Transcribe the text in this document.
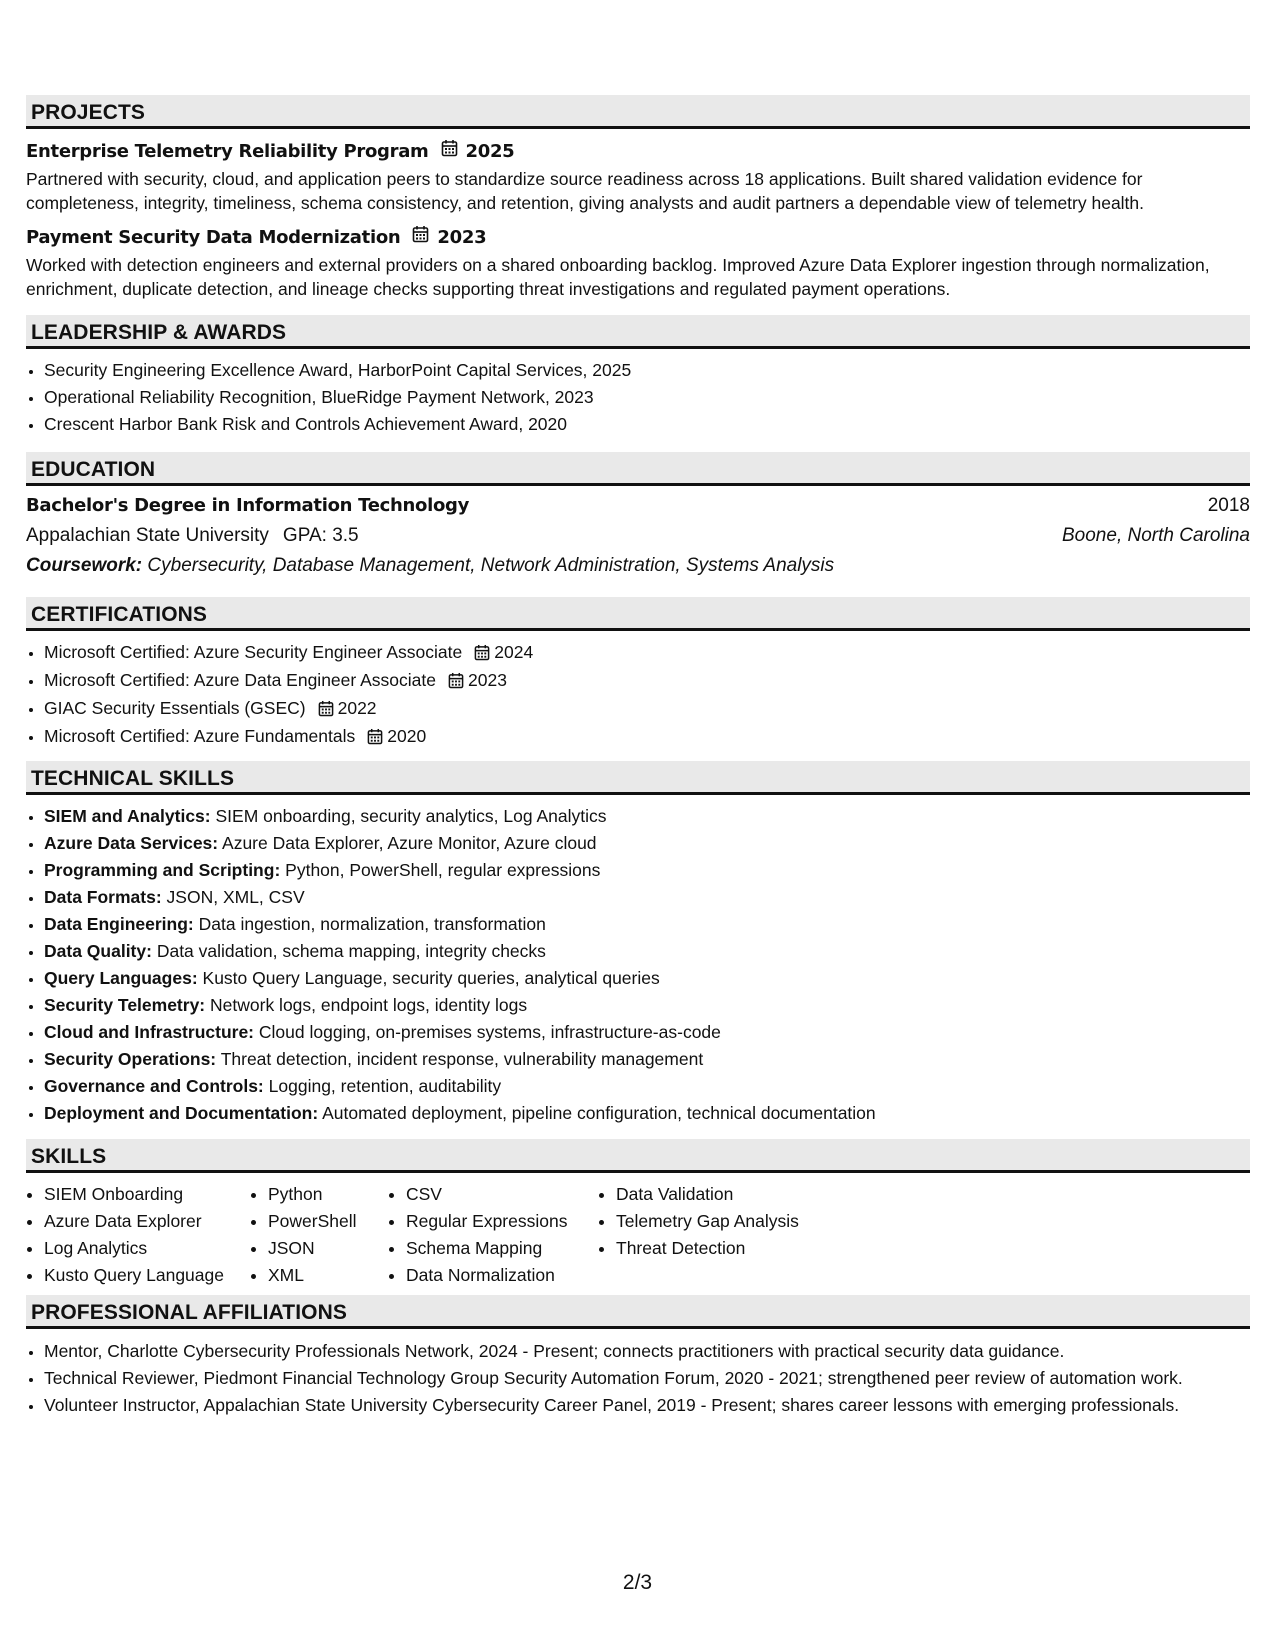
PROJECTS
Enterprise Telemetry Reliability Program 2025
Partnered with security, cloud, and application peers to standardize source readiness across 18 applications. Built shared validation evidence for completeness, integrity, timeliness, schema consistency, and retention, giving analysts and audit partners a dependable view of telemetry health.
Payment Security Data Modernization 2023
Worked with detection engineers and external providers on a shared onboarding backlog. Improved Azure Data Explorer ingestion through normalization, enrichment, duplicate detection, and lineage checks supporting threat investigations and regulated payment operations.
LEADERSHIP & AWARDS
• Security Engineering Excellence Award, HarborPoint Capital Services, 2025
• Operational Reliability Recognition, BlueRidge Payment Network, 2023
• Crescent Harbor Bank Risk and Controls Achievement Award, 2020
EDUCATION
Bachelor's Degree in Information Technology	2018
Appalachian State University GPA: 3.5	Boone, North Carolina
Coursework: Cybersecurity, Database Management, Network Administration, Systems Analysis
CERTIFICATIONS
• Microsoft Certified: Azure Security Engineer Associate 2024
• Microsoft Certified: Azure Data Engineer Associate 2023
• GIAC Security Essentials (GSEC) 2022
• Microsoft Certified: Azure Fundamentals 2020
TECHNICAL SKILLS
• SIEM and Analytics: SIEM onboarding, security analytics, Log Analytics
• Azure Data Services: Azure Data Explorer, Azure Monitor, Azure cloud
• Programming and Scripting: Python, PowerShell, regular expressions
• Data Formats: JSON, XML, CSV
• Data Engineering: Data ingestion, normalization, transformation
• Data Quality: Data validation, schema mapping, integrity checks
• Query Languages: Kusto Query Language, security queries, analytical queries
• Security Telemetry: Network logs, endpoint logs, identity logs
• Cloud and Infrastructure: Cloud logging, on-premises systems, infrastructure-as-code
• Security Operations: Threat detection, incident response, vulnerability management
• Governance and Controls: Logging, retention, auditability
• Deployment and Documentation: Automated deployment, pipeline configuration, technical documentation
SKILLS
• SIEM Onboarding
• Azure Data Explorer
• Log Analytics
• Kusto Query Language
• Python
• PowerShell
• JSON
• XML
• CSV
• Regular Expressions
• Schema Mapping
• Data Normalization
• Data Validation
• Telemetry Gap Analysis
• Threat Detection
PROFESSIONAL AFFILIATIONS
• Mentor, Charlotte Cybersecurity Professionals Network, 2024 - Present; connects practitioners with practical security data guidance.
• Technical Reviewer, Piedmont Financial Technology Group Security Automation Forum, 2020 - 2021; strengthened peer review of automation work.
• Volunteer Instructor, Appalachian State University Cybersecurity Career Panel, 2019 - Present; shares career lessons with emerging professionals.
2/3
